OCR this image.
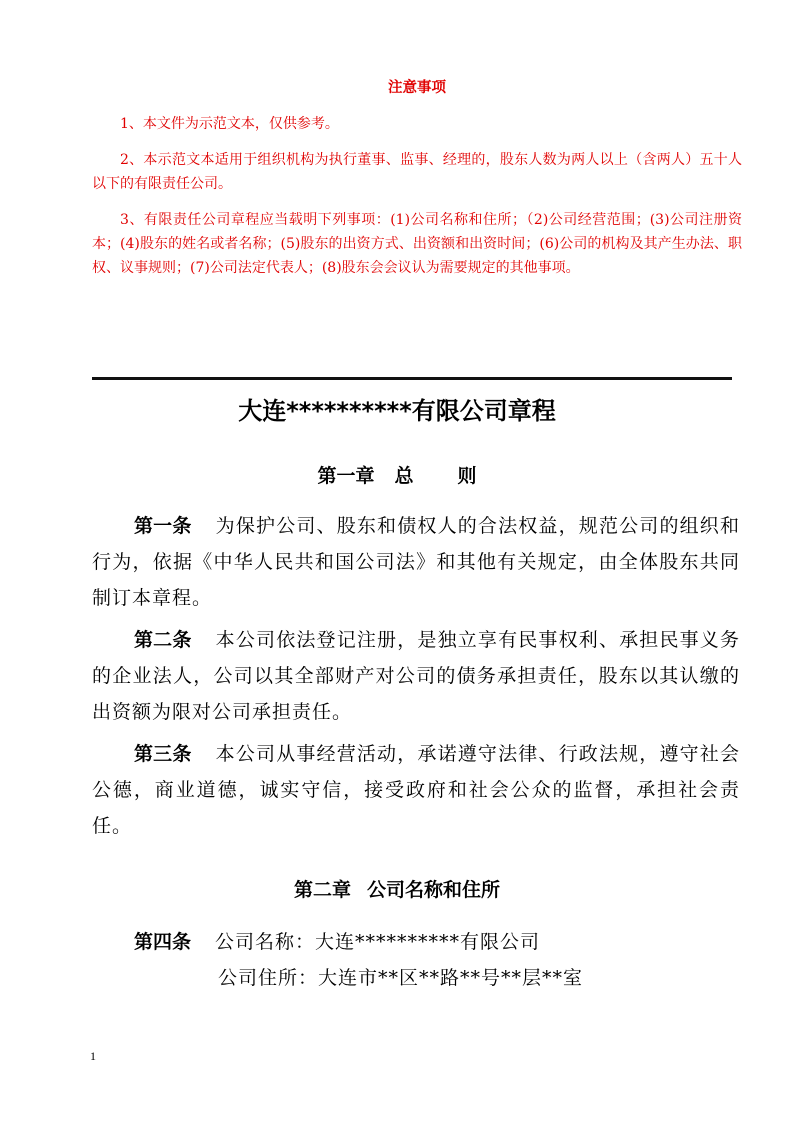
注意事项

1、本文件为示范文本，仅供参考。

2、本示范文本适用于组织机构为执行董事、监事、经理的，股东人数为两人以上（含两人）五十人以下的有限责任公司。

3、有限责任公司章程应当载明下列事项：(1)公司名称和住所；（2)公司经营范围；(3)公司注册资本；(4)股东的姓名或者名称；(5)股东的出资方式、出资额和出资时间；(6)公司的机构及其产生办法、职权、议事规则；(7)公司法定代表人；(8)股东会会议认为需要规定的其他事项。

大连**********有限公司章程
第一章 总 则

第一条 为保护公司、股东和债权人的合法权益，规范公司的组织和行为，依据《中华人民共和国公司法》和其他有关规定，由全体股东共同制订本章程。

第二条 本公司依法登记注册，是独立享有民事权利、承担民事义务的企业法人，公司以其全部财产对公司的债务承担责任，股东以其认缴的出资额为限对公司承担责任。

第三条 本公司从事经营活动，承诺遵守法律、行政法规，遵守社会公德，商业道德，诚实守信，接受政府和社会公众的监督，承担社会责任。

第二章 公司名称和住所
第四条 公司名称：大连**********有限公司
公司住所：大连市**区**路**号**层**室
1
